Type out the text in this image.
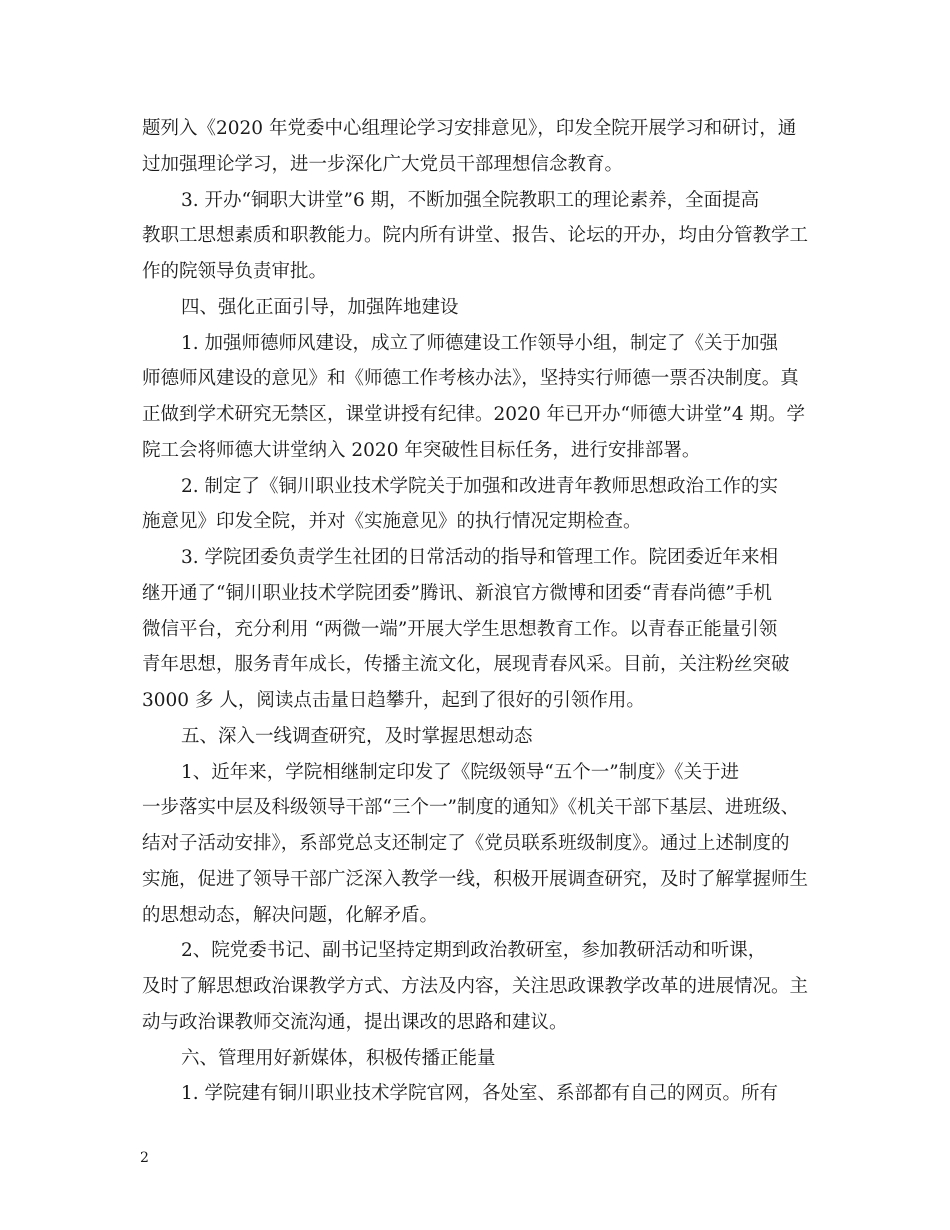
题列入《2020 年党委中心组理论学习安排意见》，印发全院开展学习和研讨，通
过加强理论学习，进一步深化广大党员干部理想信念教育。
3. 开办“铜职大讲堂”6 期，不断加强全院教职工的理论素养，全面提高
教职工思想素质和职教能力。院内所有讲堂、报告、论坛的开办，均由分管教学工
作的院领导负责审批。
四、强化正面引导，加强阵地建设
1. 加强师德师风建设，成立了师德建设工作领导小组，制定了《关于加强
师德师风建设的意见》和《师德工作考核办法》，坚持实行师德一票否决制度。真
正做到学术研究无禁区，课堂讲授有纪律。2020 年已开办“师德大讲堂”4 期。学
院工会将师德大讲堂纳入 2020 年突破性目标任务，进行安排部署。
2. 制定了《铜川职业技术学院关于加强和改进青年教师思想政治工作的实
施意见》印发全院，并对《实施意见》的执行情况定期检查。
3. 学院团委负责学生社团的日常活动的指导和管理工作。院团委近年来相
继开通了“铜川职业技术学院团委”腾讯、新浪官方微博和团委“青春尚德”手机
微信平台，充分利用 “两微一端”开展大学生思想教育工作。以青春正能量引领
青年思想，服务青年成长，传播主流文化，展现青春风采。目前，关注粉丝突破
3000 多 人，阅读点击量日趋攀升，起到了很好的引领作用。
五、深入一线调查研究，及时掌握思想动态
1、近年来，学院相继制定印发了《院级领导“五个一”制度》《关于进
一步落实中层及科级领导干部“三个一”制度的通知》《机关干部下基层、进班级、
结对子活动安排》，系部党总支还制定了《党员联系班级制度》。通过上述制度的
实施，促进了领导干部广泛深入教学一线，积极开展调查研究，及时了解掌握师生
的思想动态，解决问题，化解矛盾。
2、院党委书记、副书记坚持定期到政治教研室，参加教研活动和听课，
及时了解思想政治课教学方式、方法及内容，关注思政课教学改革的进展情况。主
动与政治课教师交流沟通，提出课改的思路和建议。
六、管理用好新媒体，积极传播正能量
1. 学院建有铜川职业技术学院官网，各处室、系部都有自己的网页。所有
2
